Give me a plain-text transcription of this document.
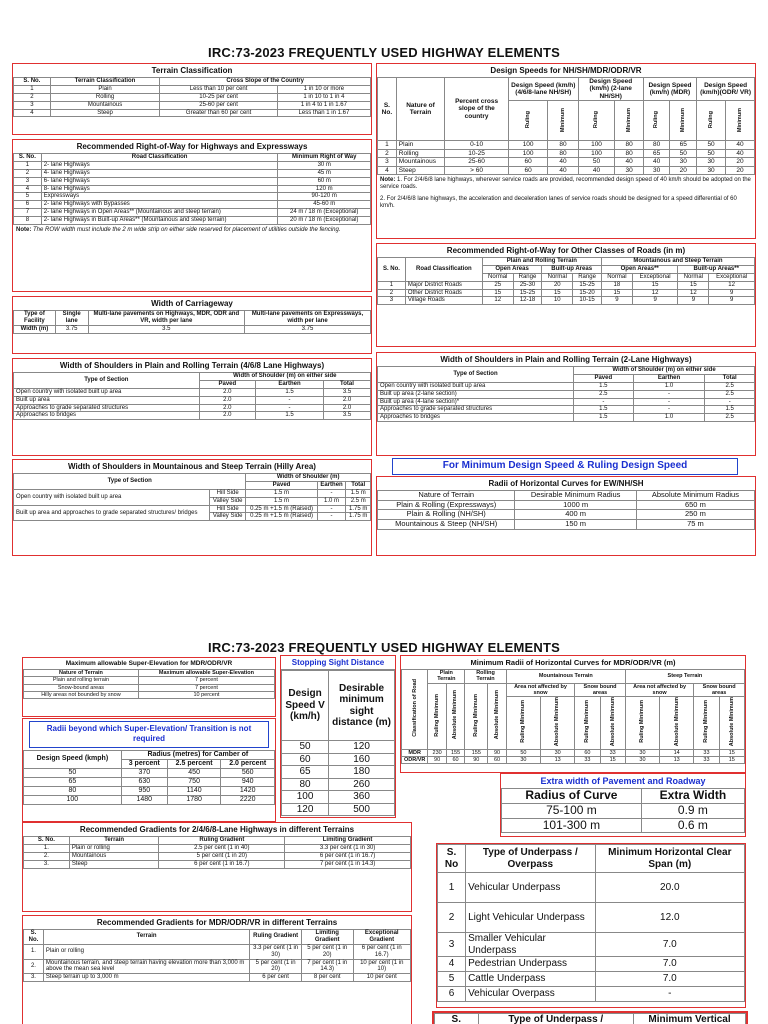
IRC:73-2023 FREQUENTLY USED HIGHWAY ELEMENTS
Terrain Classification
S. No.	Terrain Classification	Cross Slope of the Country	
1	Plain	Less than 10 per cent	1 in 10 or more
2	Rolling	10-25 per cent	1 in 10 to 1 in 4
3	Mountainous	25-60 per cent	1 in 4 to 1 in 1.67
4	Steep	Greater than 60 per cent	Less than 1 in 1.67
Design Speeds for NH/SH/MDR/ODR/VR
S. No.	Nature of Terrain	Percent cross slope of the country	Design Speed (km/h) (4/6/8-lane NH/SH)		Design Speed (km/h) (2-lane NH/SH)		Design Speed (km/h) (MDR)		Design Speed (km/h)(ODR/ VR)	
			Ruling	Minimum	Ruling	Minimum	Ruling	Minimum	Ruling	Minimum
1	Plain	0-10	100	80	100	80	80	65	50	40
2	Rolling	10-25	100	80	100	80	65	50	50	40
3	Mountainous	25-60	60	40	50	40	40	30	30	20
4	Steep	> 60	60	40	40	30	30	20	30	20
Note: 1. For 2/4/6/8 lane highways, wherever service roads are provided, recommended design speed of 40 km/h should be adopted on the service roads.
2. For 2/4/6/8 lane highways, the acceleration and deceleration lanes of service roads should be designed for a speed differential of 60 km/h.
Recommended Right-of-Way for Highways and Expressways
S. No.	Road Classification	Minimum Right of Way
1	2- lane Highways	30 m
2	4- lane Highways	45 m
3	6- lane Highways	60 m
4	8- lane Highways	120 m
5	Expressways	90-120 m
6	2- lane Highways with Bypasses	45-60 m
7	2- lane Highways in Open Areas** (Mountainous and steep terrain)	24 m / 18 m (Exceptional)
8	2- lane Highways in Built-up Areas** (Mountainous and steep terrain)	20 m / 18 m (Exceptional)
Note: The ROW width must include the 2 m wide strip on either side reserved for placement of utilities outside the fencing.
Recommended Right-of-Way for Other Classes of Roads (in m)
S. No.	Road Classification	Plain and Rolling Terrain				Mountainous and Steep Terrain			
		Open Areas		Built-up Areas		Open Areas**		Built-up Areas**	
		Normal	Range	Normal	Range	Normal	Exceptional	Normal	Exceptional
1	Major District Roads	25	25-30	20	15-25	18	15	15	12
2	Other District Roads	15	15-25	15	15-20	15	12	12	9
3	Village Roads	12	12-18	10	10-15	9	9	9	9
Width of Carriageway
Type of Facility	Single lane	Multi-lane pavements on Highways, MDR, ODR and VR, width per lane	Multi-lane pavements on Expressways, width per lane
Width (m)	3.75	3.5	3.75
Width of Shoulders in Plain and Rolling Terrain (4/6/8 Lane Highways)
Type of Section	Width of Shoulder (m) on either side		
	Paved	Earthen	Total
Open country with isolated built up area	2.0	1.5	3.5
Built up area	2.0	-	2.0
Approaches to grade separated structures	2.0	-	2.0
Approaches to bridges	2.0	1.5	3.5
Width of Shoulders in Plain and Rolling Terrain (2-Lane Highways)
Type of Section	Width of Shoulder (m) on either side		
	Paved	Earthen	Total
Open country with isolated built up area	1.5	1.0	2.5
Built up area (2-lane section)	2.5	-	2.5
Built up area (4-lane section)*	-	-	-
Approaches to grade separated structures	1.5	-	1.5
Approaches to bridges	1.5	1.0	2.5
Width of Shoulders in Mountainous and Steep Terrain (Hilly Area)
Type of Section		Width of Shoulder (m)		
		Paved	Earthen	Total
Open country with isolated built up area	Hill Side	1.5 m	-	1.5 m
	Valley Side	1.5 m	1.0 m	2.5 m
Built up area and approaches to grade separated structures/ bridges	Hill Side	0.25 m +1.5 m (Raised)	-	1.75 m
	Valley Side	0.25 m +1.5 m (Raised)	-	1.75 m
For Minimum Design Speed & Ruling Design Speed
Radii of Horizontal Curves for EW/NH/SH
Nature of Terrain	Desirable Minimum Radius	Absolute Minimum Radius
Plain & Rolling (Expressways)	1000 m	650 m
Plain & Rolling (NH/SH)	400 m	250 m
Mountainous & Steep (NH/SH)	150 m	75 m
IRC:73-2023 FREQUENTLY USED HIGHWAY ELEMENTS
Maximum allowable Super-Elevation for MDR/ODR/VR
Nature of Terrain	Maximum allowable Super-Elevation
Plain and rolling terrain	7 percent
Snow-bound areas	7 percent
Hilly areas not bounded by snow	10 percent
Radii beyond which Super-Elevation/ Transition is not required
Design Speed (kmph)	Radius (metres) for Camber of		
	3 percent	2.5 percent	2.0 percent
50	370	450	560
65	630	750	940
80	950	1140	1420
100	1480	1780	2220
Stopping Sight Distance
Design Speed V (km/h)	Desirable minimum sight distance (m)
50	120
60	160
65	180
80	260
100	360
120	500
Minimum Radii of Horizontal Curves for MDR/ODR/VR (m)
Classification of Road	Plain Terrain		Rolling Terrain		Mountainous Terrain				Steep Terrain			
	Ruling Minimum	Absolute Minimum	Ruling Minimum	Absolute Minimum	Area not affected by snow		Snow bound areas		Area not affected by snow		Snow bound areas	
					Ruling Minimum	Absolute Minimum	Ruling Minimum	Absolute Minimum	Ruling Minimum	Absolute Minimum	Ruling Minimum	Absolute Minimum
MDR	230	155	155	90	50	30	60	33	30	14	33	15
ODR/VR	90	60	90	60	30	13	33	15	30	13	33	15
Extra width of Pavement and Roadway
Radius of Curve	Extra Width
75-100 m	0.9 m
101-300 m	0.6 m
Recommended Gradients for 2/4/6/8-Lane Highways in different Terrains
S. No.	Terrain	Ruling Gradient	Limiting Gradient
1.	Plain or rolling	2.5 per cent (1 in 40)	3.3 per cent (1 in 30)
2.	Mountainous	5 per cent (1 in 20)	6 per cent (1 in 16.7)
3.	Steep	6 per cent (1 in 16.7)	7 per cent (1 in 14.3)
Recommended Gradients for MDR/ODR/VR in different Terrains
S. No.	Terrain	Ruling Gradient	Limiting Gradient	Exceptional Gradient
1.	Plain or rolling	3.3 per cent (1 in 30)	5 per cent (1 in 20)	6 per cent (1 in 16.7)
2.	Mountainous terrain, and steep terrain having elevation more than 3,000 m above the mean sea level	5 per cent (1 in 20)	7 per cent (1 in 14.3)	10 per cent (1 in 10)
3.	Steep terrain up to 3,000 m	6 per cent	8 per cent	10 per cent
S. No	Type of Underpass / Overpass	Minimum Horizontal Clear Span (m)
1	Vehicular Underpass	20.0
2	Light Vehicular Underpass	12.0
3	Smaller Vehicular Underpass	7.0
4	Pedestrian Underpass	7.0
5	Cattle Underpass	7.0
6	Vehicular Overpass	-
S.	Type of Underpass /	Minimum Vertical
